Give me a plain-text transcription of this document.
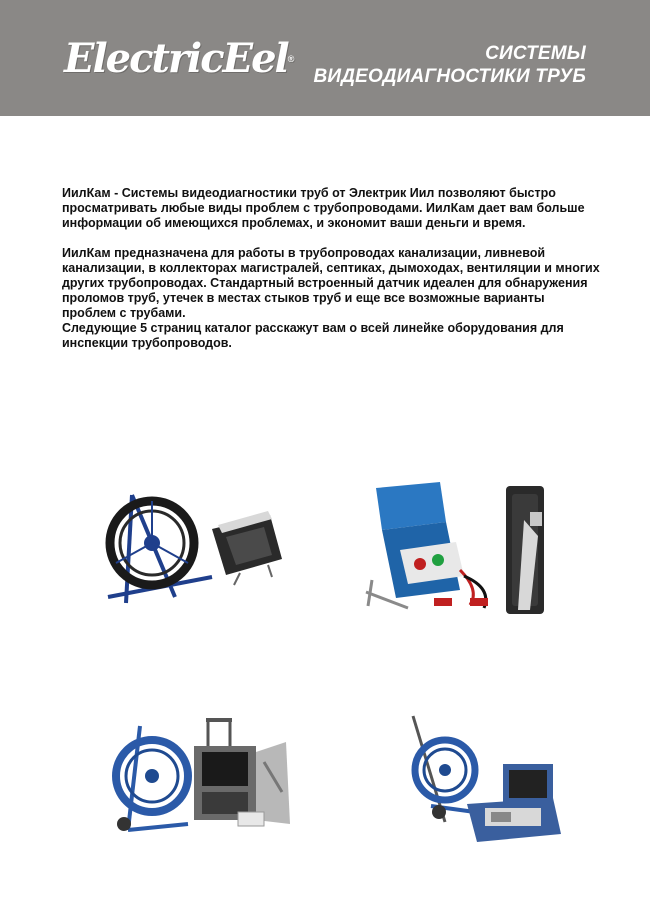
ElectricEel®	СИСТЕМЫ
ВИДЕОДИАГНОСТИКИ ТРУБ

ИилКам - Системы видеодиагностики труб от Электрик Иил позволяют быстро просматривать любые виды проблем с трубопроводами. ИилКам дает вам больше информации об имеющихся проблемах, и экономит ваши деньги и время.

ИилКам предназначена для работы в трубопроводах канализации, ливневой канализации, в коллекторах магистралей, септиках, дымоходах, вентиляции и многих других трубопроводах. Стандартный встроенный датчик идеален для обнаружения проломов труб, утечек в местах стыков труб и еще все возможные варианты проблем с трубами.

Следующие 5 страниц каталог расскажут вам о всей линейке оборудования для инспекции трубопроводов.
